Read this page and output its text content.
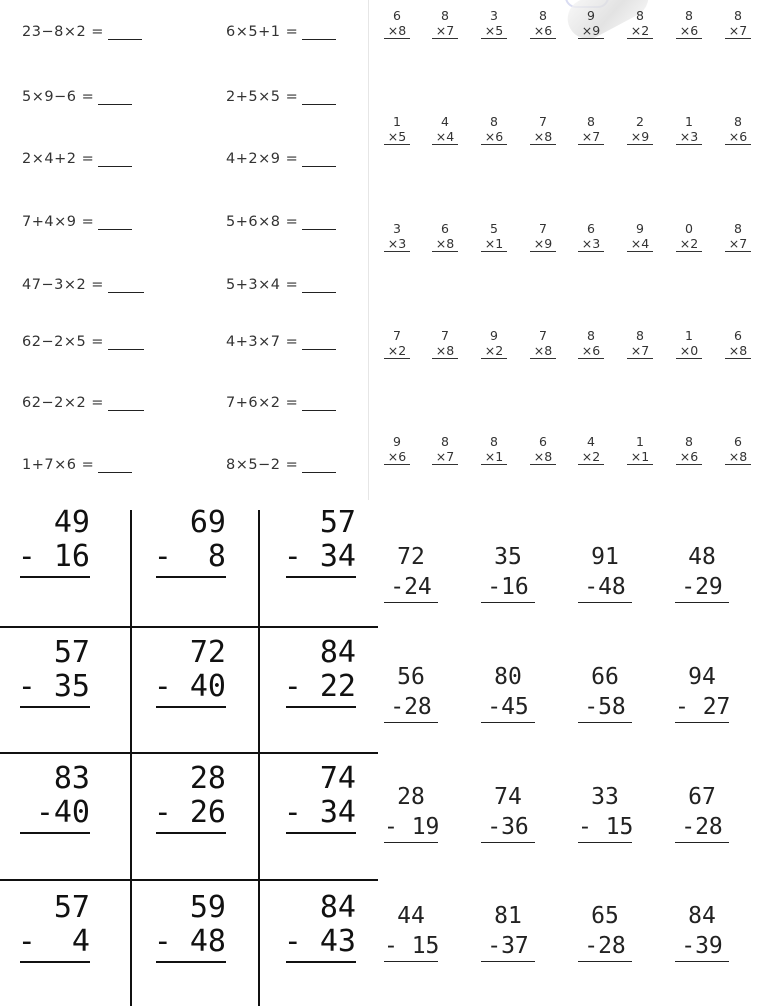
23−8×2 =
5×9−6 =
2×4+2 =
7+4×9 =
47−3×2 =
62−2×5 =
62−2×2 =
1+7×6 =
6×5+1 =
2+5×5 =
4+2×9 =
5+6×8 =
5+3×4 =
4+3×7 =
7+6×2 =
8×5−2 =
6
×8
8
×7
3
×5
8
×6
9
×9
8
×2
8
×6
8
×7
1
×5
4
×4
8
×6
7
×8
8
×7
2
×9
1
×3
8
×6
3
×3
6
×8
5
×1
7
×9
6
×3
9
×4
0
×2
8
×7
7
×2
7
×8
9
×2
7
×8
8
×6
8
×7
1
×0
6
×8
9
×6
8
×7
8
×1
6
×8
4
×2
1
×1
8
×6
6
×8
49
- 16
69
-  8
57
- 34
57
- 35
72
- 40
84
- 22
83
-40
28
- 26
74
- 34
57
-  4
59
- 48
84
- 43
72
-24
35
-16
91
-48
48
-29
56
-28
80
-45
66
-58
94
- 27
28
- 19
74
-36
33
- 15
67
-28
44
- 15
81
-37
65
-28
84
-39
